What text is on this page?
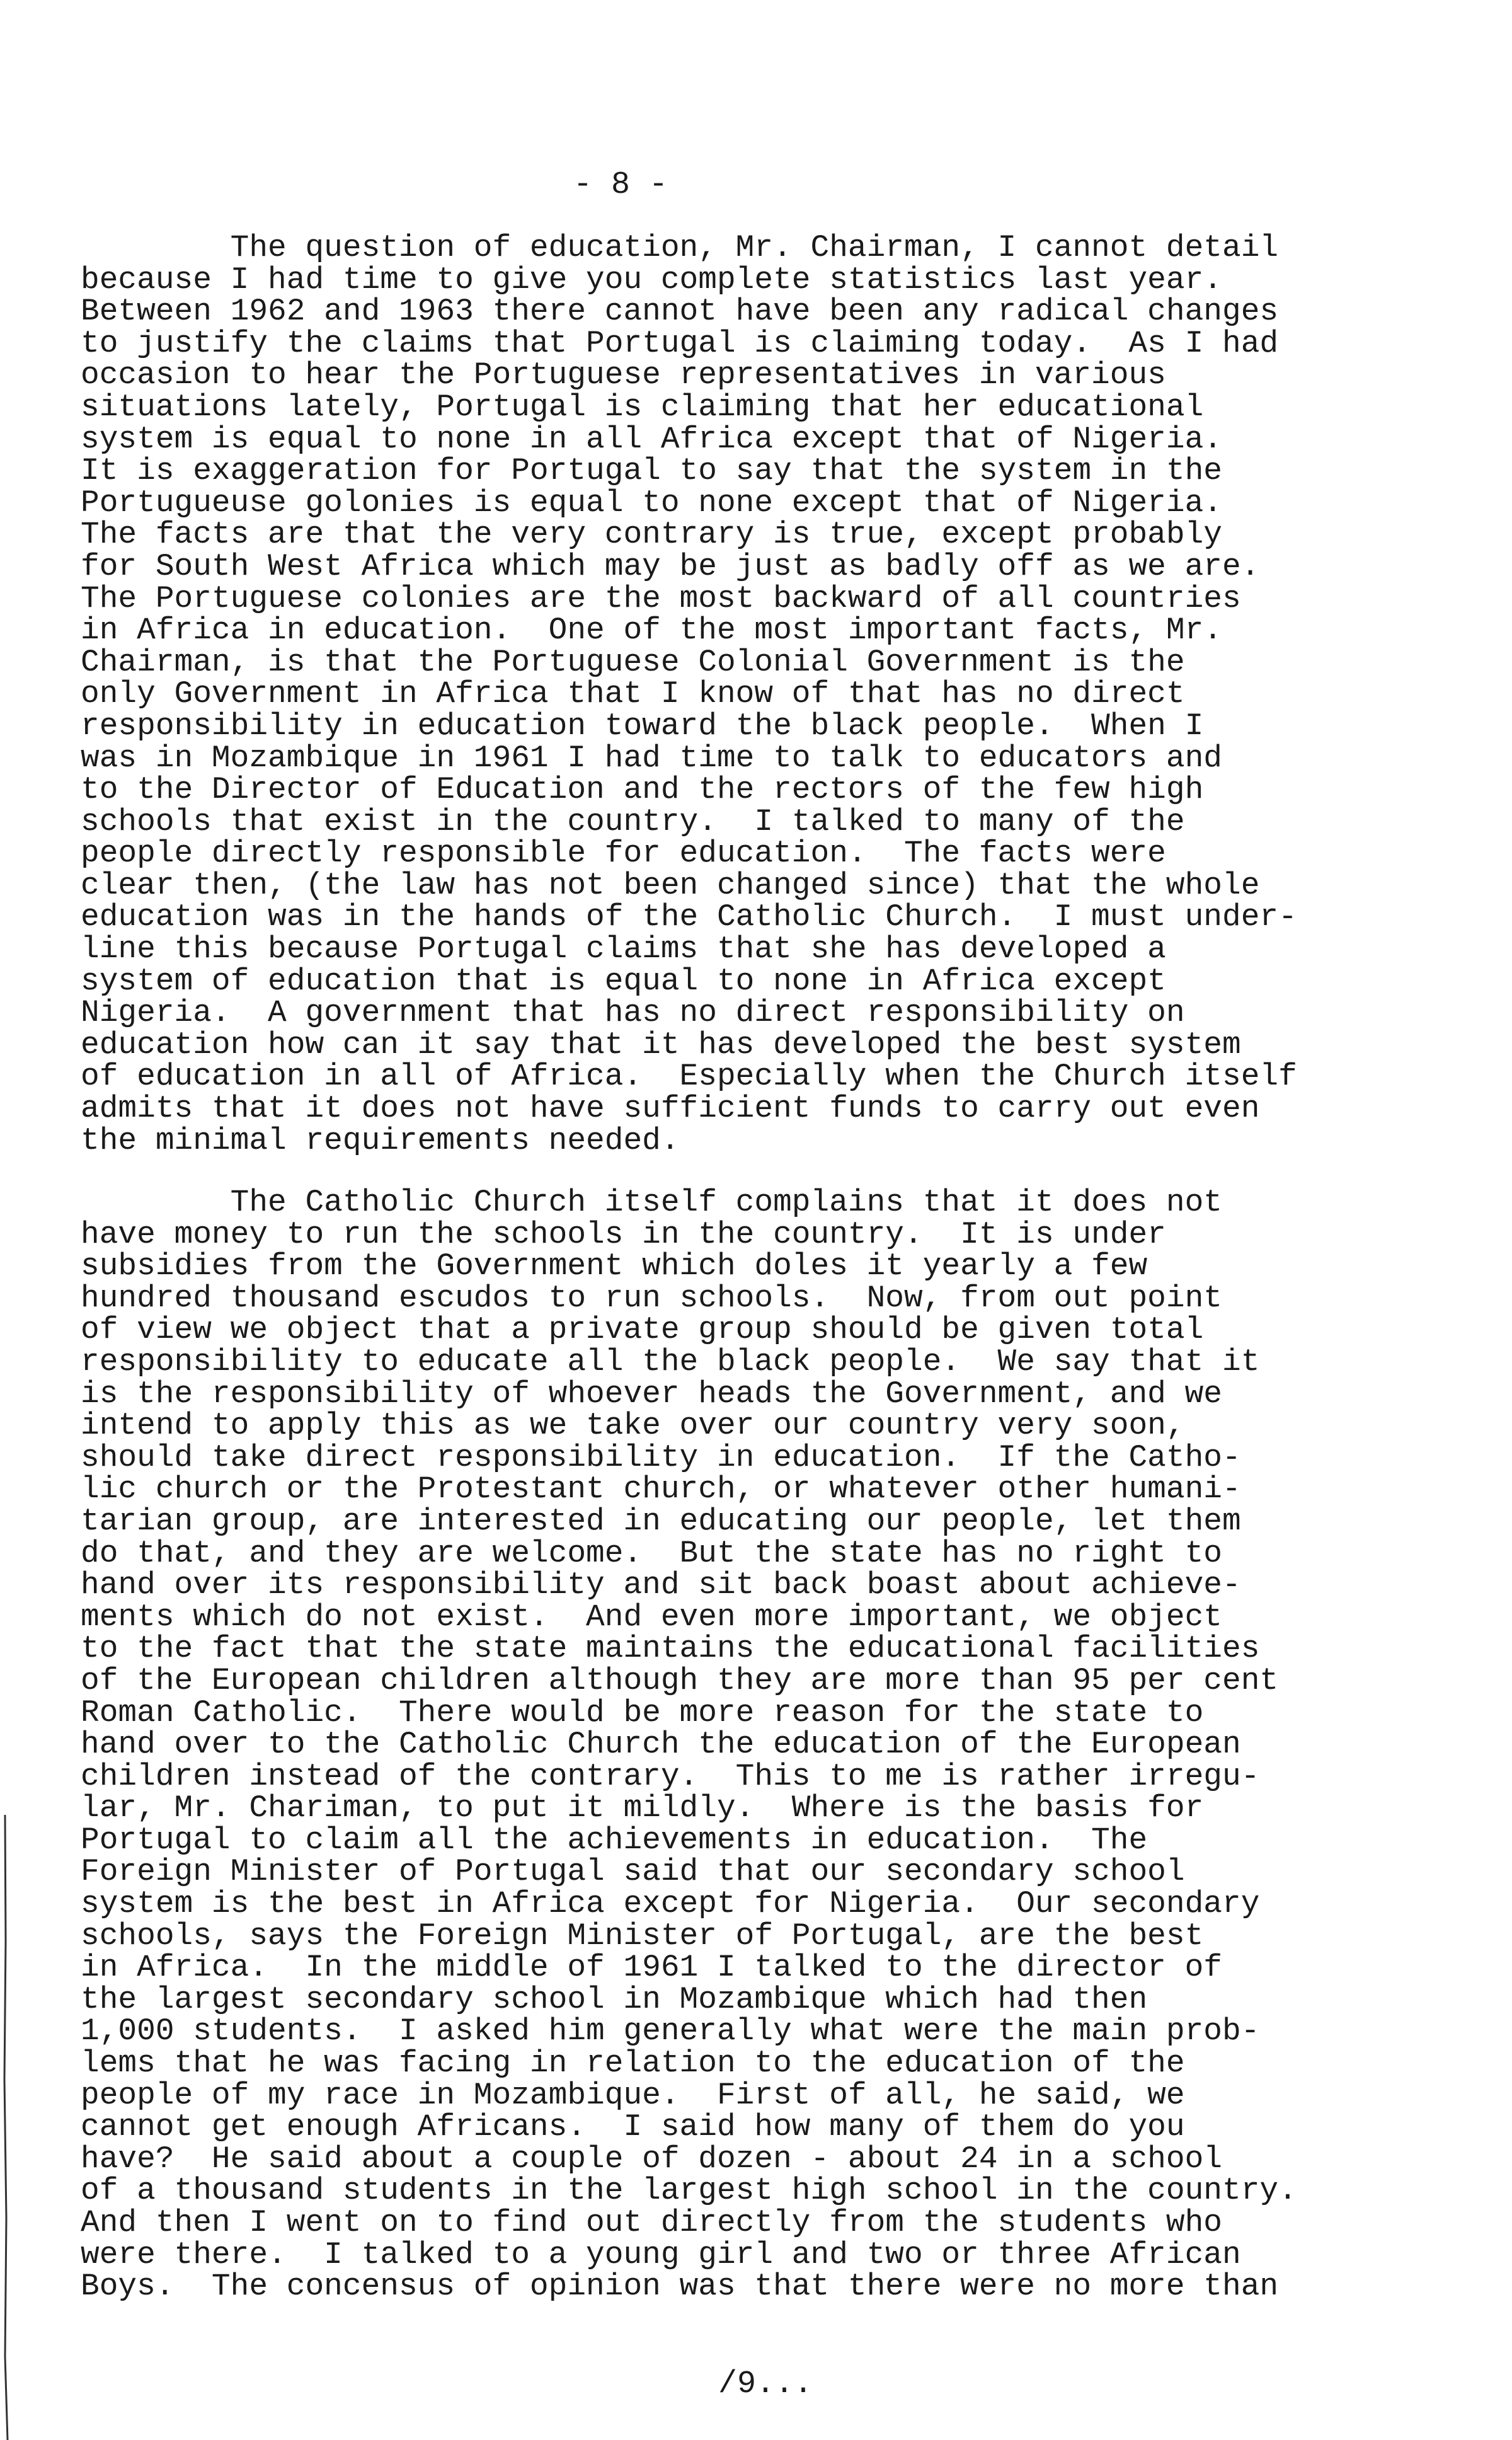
- 8 -
The question of education, Mr. Chairman, I cannot detail
because I had time to give you complete statistics last year.
Between 1962 and 1963 there cannot have been any radical changes
to justify the claims that Portugal is claiming today.  As I had
occasion to hear the Portuguese representatives in various
situations lately, Portugal is claiming that her educational
system is equal to none in all Africa except that of Nigeria.
It is exaggeration for Portugal to say that the system in the
Portugueuse golonies is equal to none except that of Nigeria.
The facts are that the very contrary is true, except probably
for South West Africa which may be just as badly off as we are.
The Portuguese colonies are the most backward of all countries
in Africa in education.  One of the most important facts, Mr.
Chairman, is that the Portuguese Colonial Government is the
only Government in Africa that I know of that has no direct
responsibility in education toward the black people.  When I
was in Mozambique in 1961 I had time to talk to educators and
to the Director of Education and the rectors of the few high
schools that exist in the country.  I talked to many of the
people directly responsible for education.  The facts were
clear then, (the law has not been changed since) that the whole
education was in the hands of the Catholic Church.  I must under-
line this because Portugal claims that she has developed a
system of education that is equal to none in Africa except
Nigeria.  A government that has no direct responsibility on
education how can it say that it has developed the best system
of education in all of Africa.  Especially when the Church itself
admits that it does not have sufficient funds to carry out even
the minimal requirements needed.
The Catholic Church itself complains that it does not
have money to run the schools in the country.  It is under
subsidies from the Government which doles it yearly a few
hundred thousand escudos to run schools.  Now, from out point
of view we object that a private group should be given total
responsibility to educate all the black people.  We say that it
is the responsibility of whoever heads the Government, and we
intend to apply this as we take over our country very soon,
should take direct responsibility in education.  If the Catho-
lic church or the Protestant church, or whatever other humani-
tarian group, are interested in educating our people, let them
do that, and they are welcome.  But the state has no right to
hand over its responsibility and sit back boast about achieve-
ments which do not exist.  And even more important, we object
to the fact that the state maintains the educational facilities
of the European children although they are more than 95 per cent
Roman Catholic.  There would be more reason for the state to
hand over to the Catholic Church the education of the European
children instead of the contrary.  This to me is rather irregu-
lar, Mr. Chariman, to put it mildly.  Where is the basis for
Portugal to claim all the achievements in education.  The
Foreign Minister of Portugal said that our secondary school
system is the best in Africa except for Nigeria.  Our secondary
schools, says the Foreign Minister of Portugal, are the best
in Africa.  In the middle of 1961 I talked to the director of
the largest secondary school in Mozambique which had then
1,000 students.  I asked him generally what were the main prob-
lems that he was facing in relation to the education of the
people of my race in Mozambique.  First of all, he said, we
cannot get enough Africans.  I said how many of them do you
have?  He said about a couple of dozen - about 24 in a school
of a thousand students in the largest high school in the country.
And then I went on to find out directly from the students who
were there.  I talked to a young girl and two or three African
Boys.  The concensus of opinion was that there were no more than
/9...
